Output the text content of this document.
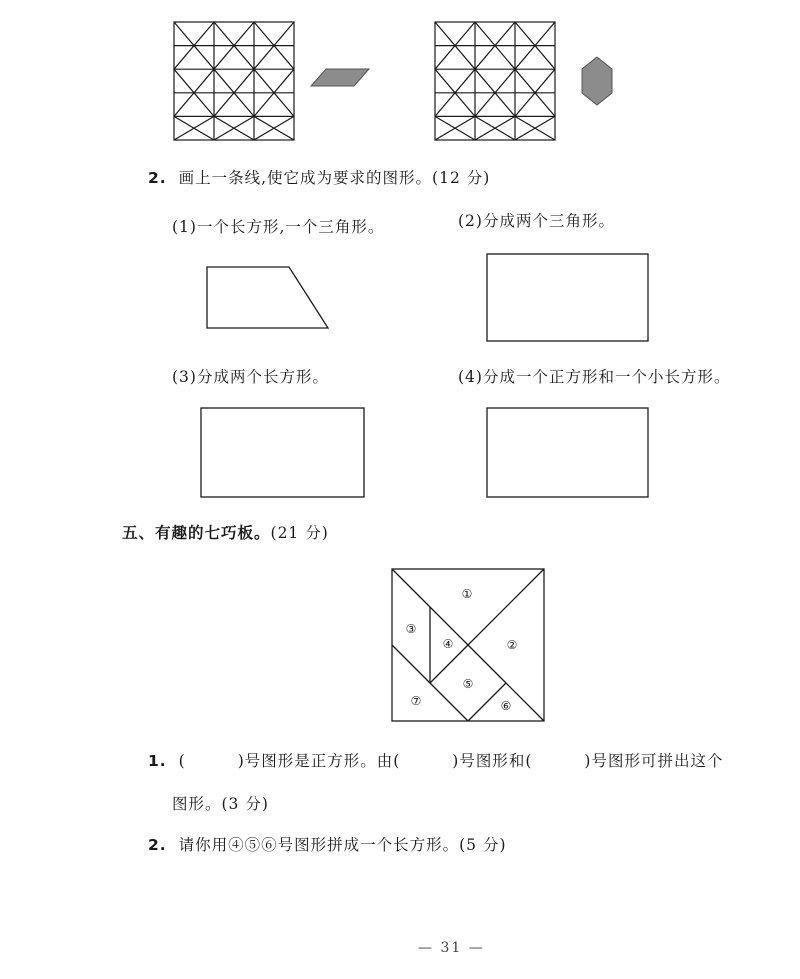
2. 画上一条线,使它成为要求的图形。(12 分)
(1)一个长方形,一个三角形。	(2)分成两个三角形。
(3)分成两个长方形。	(4)分成一个正方形和一个小长方形。
五、有趣的七巧板。(21 分)
①
②
③
④
⑤
⑥
⑦
1. (	)号图形是正方形。由(	)号图形和(	)号图形可拼出这个
图形。(3 分)
2. 请你用④⑤⑥号图形拼成一个长方形。(5 分)
— 31 —
